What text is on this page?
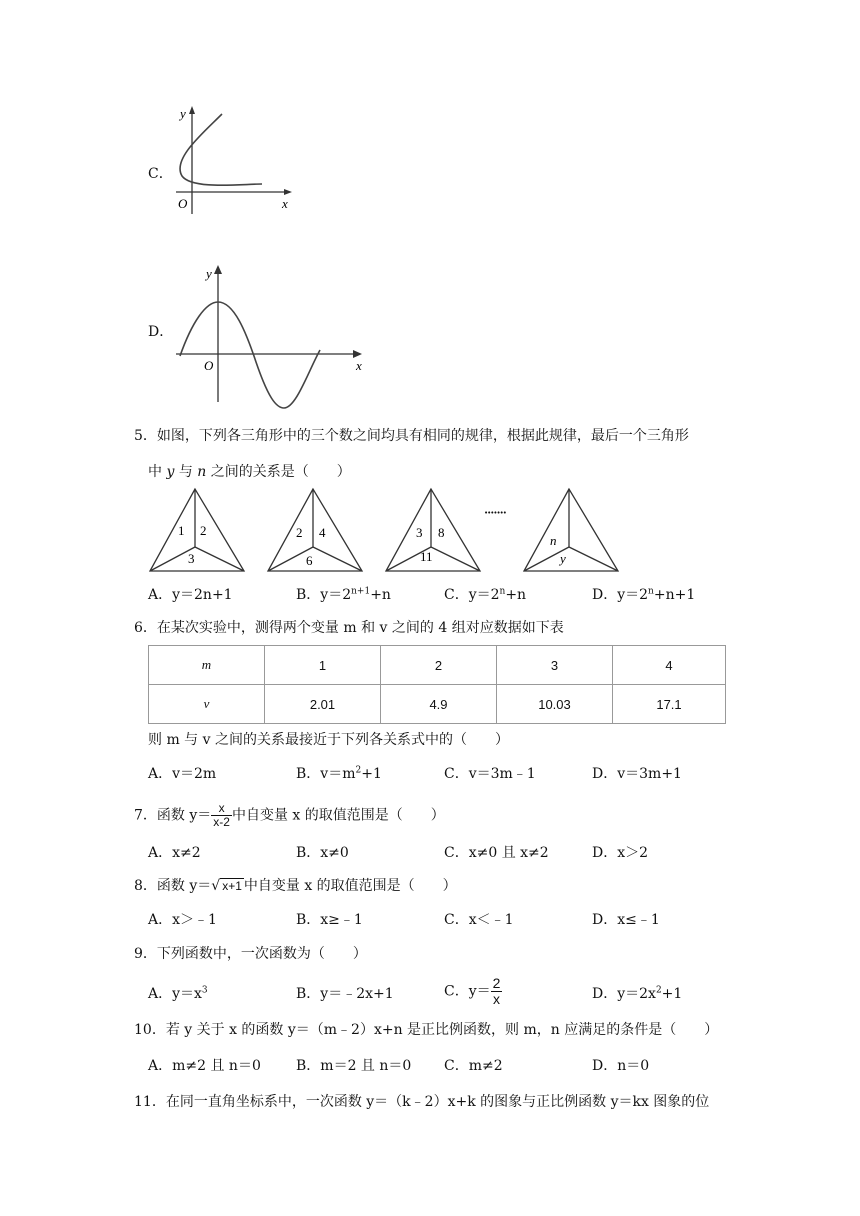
C．
y
x
O
D．
y
x
O
5．如图，下列各三角形中的三个数之间均具有相同的规律，根据此规律，最后一个三角形
中 y 与 n 之间的关系是（　　）
1 2
3
2 4
6
3 8
11
•••••••
n
y
A．y＝2n+1	B．$y=2^{n+1}+n$	C．$y=2^n+n$	D．$y=2^n+n+1$
6．在某次实验中，测得两个变量 m 和 v 之间的 4 组对应数据如下表
m	1	2	3	4
v	2.01	4.9	10.03	17.1
则 m 与 v 之间的关系最接近于下列各关系式中的（　　）
A．v＝2m	B．$v=m^2+1$	C．v＝3m﹣1	D．v＝3m+1
7．函数 $y= \frac{x}{x-2}$ 中自变量 x 的取值范围是（　　）
A．x≠2	B．x≠0	C．x≠0 且 x≠2	D．x＞2
8．函数 y＝√ x+1 中自变量 x 的取值范围是（　　）
A．x＞﹣1	B．x≥﹣1	C．x＜﹣1	D．x≤﹣1
9．下列函数中，一次函数为（　　）
A．$y=x^3$	B．y＝﹣2x+1	C．$y= \frac{2}{x}$	D．$y=2x^2+1$
10．若 y 关于 x 的函数 y＝（m﹣2）x+n 是正比例函数，则 m，n 应满足的条件是（　　）
A．m≠2 且 n＝0	B．m＝2 且 n＝0 C．m≠2	D．n＝0
11．在同一直角坐标系中，一次函数 y＝（k﹣2）x+k 的图象与正比例函数 y＝kx 图象的位
